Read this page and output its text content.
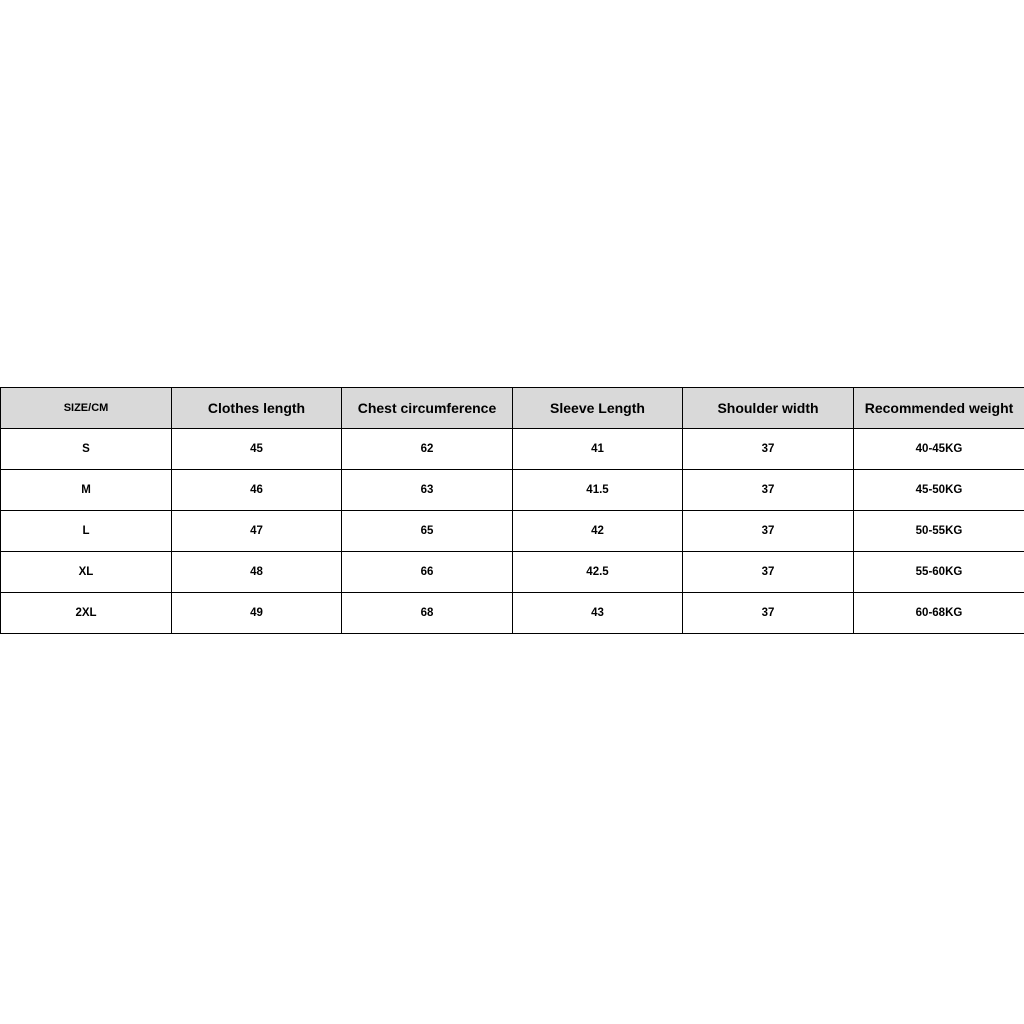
SIZE/CM	Clothes length	Chest circumference	Sleeve Length	Shoulder width	Recommended weight
S	45	62	41	37	40-45KG
M	46	63	41.5	37	45-50KG
L	47	65	42	37	50-55KG
XL	48	66	42.5	37	55-60KG
2XL	49	68	43	37	60-68KG
